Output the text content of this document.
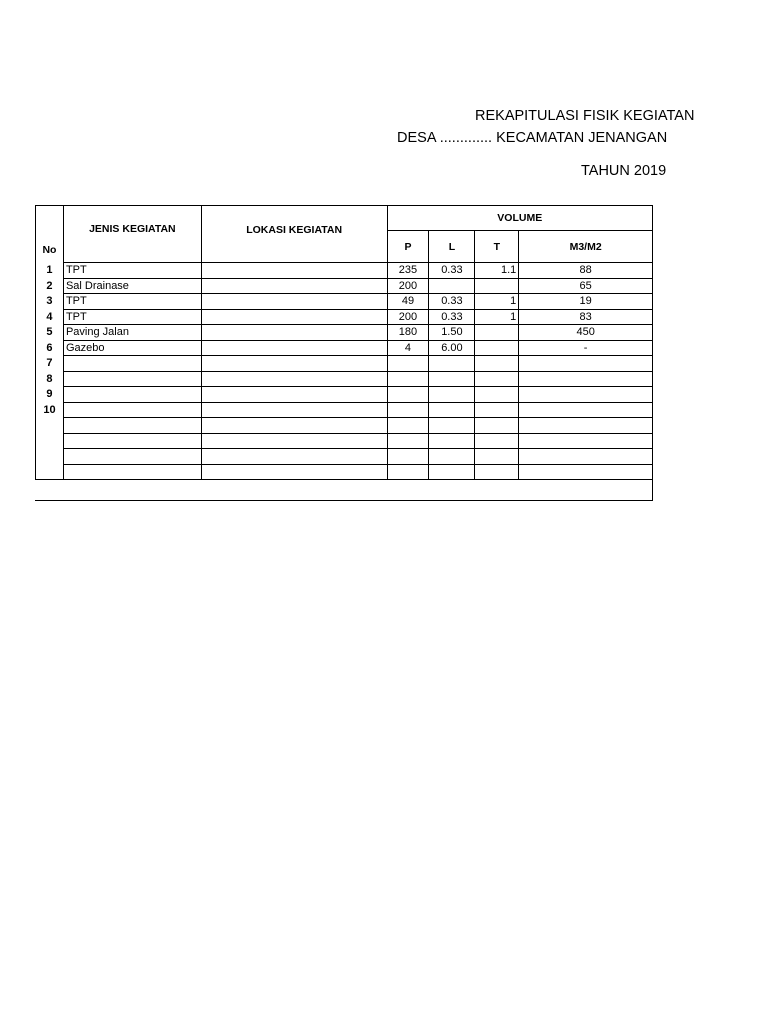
REKAPITULASI FISIK KEGIATAN
DESA ............. KECAMATAN JENANGAN
TAHUN 2019
No	JENIS KEGIATAN	LOKASI KEGIATAN	VOLUME			
			P	L	T	M3/M2
1	TPT		235	0.33	1.1	88
2	Sal Drainase		200			65
3	TPT		49	0.33	1	19
4	TPT		200	0.33	1	83
5	Paving Jalan		180	1.50		450
6	Gazebo		4	6.00		-
7						
8						
9						
10						
